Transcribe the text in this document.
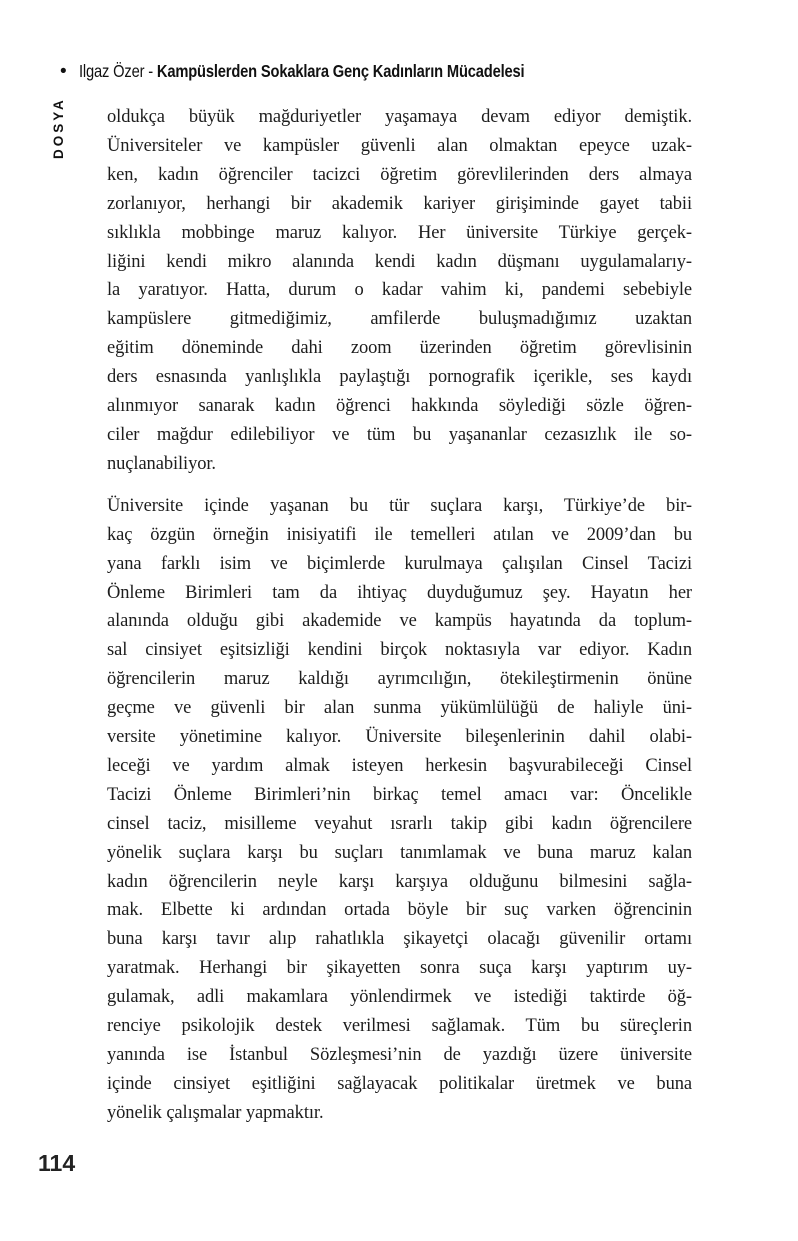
• Ilgaz Özer - Kampüslerden Sokaklara Genç Kadınların Mücadelesi
DOSYA oldukça büyük mağduriyetler yaşamaya devam ediyor demiştik.
Üniversiteler ve kampüsler güvenli alan olmaktan epeyce uzak-
ken, kadın öğrenciler tacizci öğretim görevlilerinden ders almaya
zorlanıyor, herhangi bir akademik kariyer girişiminde gayet tabii
sıklıkla mobbinge maruz kalıyor. Her üniversite Türkiye gerçek-
liğini kendi mikro alanında kendi kadın düşmanı uygulamalarıy-
la yaratıyor. Hatta, durum o kadar vahim ki, pandemi sebebiyle
kampüslere gitmediğimiz, amfilerde buluşmadığımız uzaktan
eğitim döneminde dahi zoom üzerinden öğretim görevlisinin
ders esnasında yanlışlıkla paylaştığı pornografik içerikle, ses kaydı
alınmıyor sanarak kadın öğrenci hakkında söylediği sözle öğren-
ciler mağdur edilebiliyor ve tüm bu yaşananlar cezasızlık ile so-
nuçlanabiliyor.
Üniversite içinde yaşanan bu tür suçlara karşı, Türkiye’de bir-
kaç özgün örneğin inisiyatifi ile temelleri atılan ve 2009’dan bu
yana farklı isim ve biçimlerde kurulmaya çalışılan Cinsel Tacizi
Önleme Birimleri tam da ihtiyaç duyduğumuz şey. Hayatın her
alanında olduğu gibi akademide ve kampüs hayatında da toplum-
sal cinsiyet eşitsizliği kendini birçok noktasıyla var ediyor. Kadın
öğrencilerin maruz kaldığı ayrımcılığın, ötekileştirmenin önüne
geçme ve güvenli bir alan sunma yükümlülüğü de haliyle üni-
versite yönetimine kalıyor. Üniversite bileşenlerinin dahil olabi-
leceği ve yardım almak isteyen herkesin başvurabileceği Cinsel
Tacizi Önleme Birimleri’nin birkaç temel amacı var: Öncelikle
cinsel taciz, misilleme veyahut ısrarlı takip gibi kadın öğrencilere
yönelik suçlara karşı bu suçları tanımlamak ve buna maruz kalan
kadın öğrencilerin neyle karşı karşıya olduğunu bilmesini sağla-
mak. Elbette ki ardından ortada böyle bir suç varken öğrencinin
buna karşı tavır alıp rahatlıkla şikayetçi olacağı güvenilir ortamı
yaratmak. Herhangi bir şikayetten sonra suça karşı yaptırım uy-
gulamak, adli makamlara yönlendirmek ve istediği taktirde öğ-
renciye psikolojik destek verilmesi sağlamak. Tüm bu süreçlerin
yanında ise İstanbul Sözleşmesi’nin de yazdığı üzere üniversite
içinde cinsiyet eşitliğini sağlayacak politikalar üretmek ve buna
yönelik çalışmalar yapmaktır.
114
